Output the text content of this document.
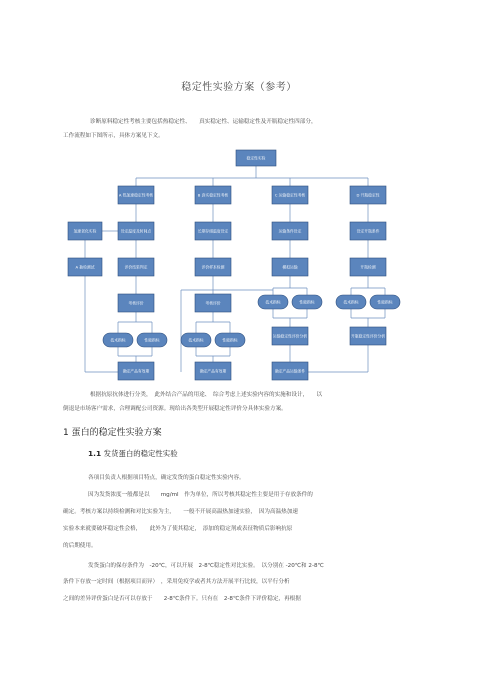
稳定性实验方案（参考）
诊断原料稳定性考核主要包括热稳定性、　　真实稳定性、运输稳定性及开瓶稳定性四部分，
工作流程如下图所示，具体方案见下文。
稳定性实验
A 热加速稳定性考核	B 真实稳定性考核	C 运输稳定性考核	D 开瓶稳定性
加速老化实验	设定温度及时间点	长期存储温度设定	运输条件设定	设定开瓶条件
A 抽检测试	评价结果判定	评价样本检测	模拟运输	开瓶检测
考核评价	考核评价
运输稳定性评价分析	开瓶稳定性评价分析
确定产品有效期	确定产品有效期	确定产品运输条件
技术指标	性能指标	技术指标	性能指标
技术指标	性能指标	技术指标	性能指标
根据抗原抗体进行分类，　此外结合产品的用途、　综合考虑上述实验内容的实施和设计，　　以
倒退是市场客户需求，合理调配公司资源。现给出各类型开展稳定性评价分具体实验方案。
1 蛋白的稳定性实验方案
1.1 发货蛋白的稳定性实验
各项目负责人根据项目特点，确定发货的蛋白稳定性实验内容。
因为发货浓度一般都是以　　mg/ml　作为单位，所以考核其稳定性主要是用于存放条件的
确定。考核方案以持续检测和对比实验为主，　　一般不开展高温热加速实验，　因为高温热加速
实验本来就要破坏稳定性会格，　　此外为了使其稳定，　添加的稳定剂或表征物质后影响抗原
的后期使用。
发货蛋白的保存条件为　-20℃，可以开展　2-8℃稳定性对比实验。　以分别在 -20℃和 2-8℃
条件下存放一定时间（根据项目而异）　，采用免疫学或者其方法开展平行比较，以平行分析
之间的差异评价蛋白是否可以存放于　　2-8℃条件下。只有在　2-8℃条件下评价稳定，再根据
